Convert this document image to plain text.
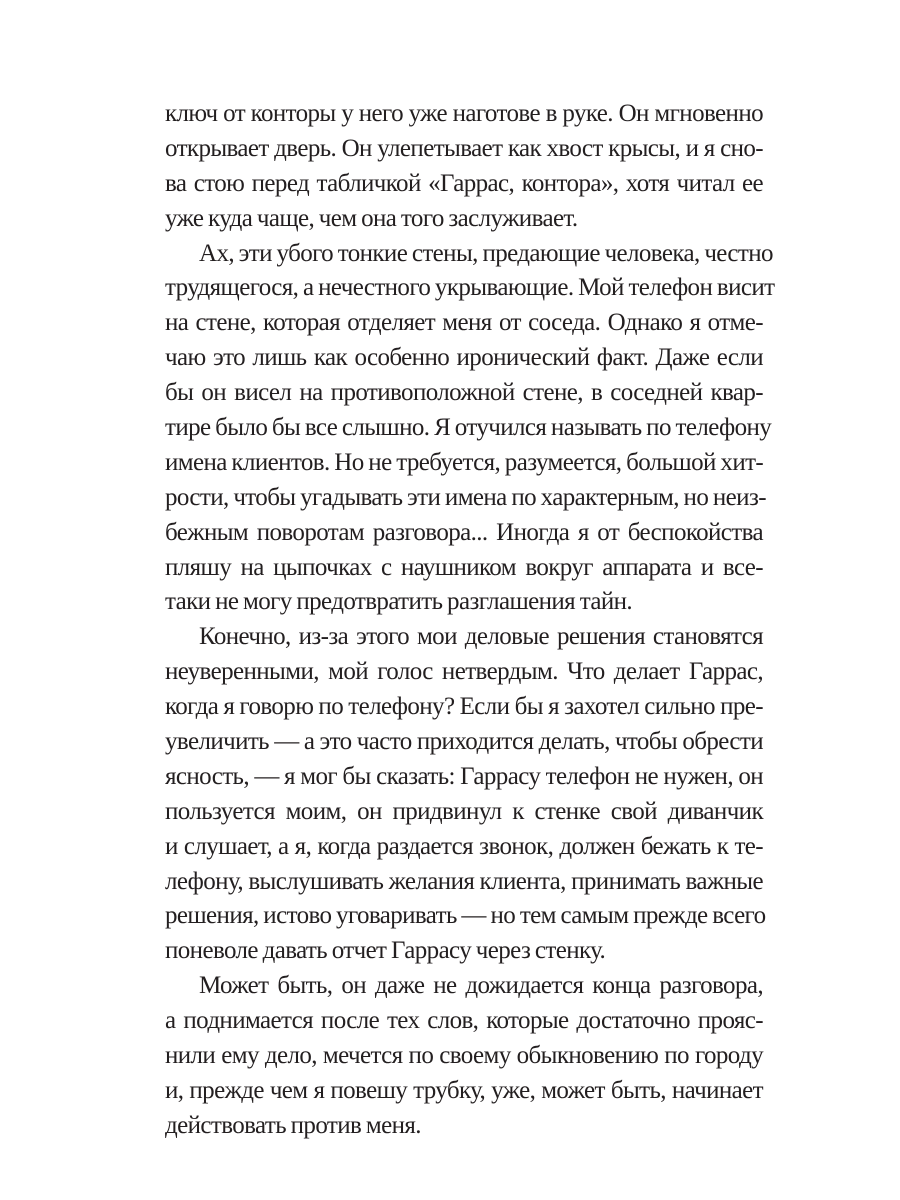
ключ от конторы у него уже наготове в руке. Он мгновенно
открывает дверь. Он улепетывает как хвост крысы, и я сно-
ва стою перед табличкой «Гаррас, контора», хотя читал ее
уже куда чаще, чем она того заслуживает.
Ах, эти убого тонкие стены, предающие человека, честно
трудящегося, а нечестного укрывающие. Мой телефон висит
на стене, которая отделяет меня от соседа. Однако я отме-
чаю это лишь как особенно иронический факт. Даже если
бы он висел на противоположной стене, в соседней квар-
тире было бы все слышно. Я отучился называть по телефону
имена клиентов. Но не требуется, разумеется, большой хит-
рости, чтобы угадывать эти имена по характерным, но неиз-
бежным поворотам разговора... Иногда я от беспокойства
пляшу на цыпочках с наушником вокруг аппарата и все-
таки не могу предотвратить разглашения тайн.
Конечно, из-за этого мои деловые решения становятся
неуверенными, мой голос нетвердым. Что делает Гаррас,
когда я говорю по телефону? Если бы я захотел сильно пре-
увеличить — а это часто приходится делать, чтобы обрести
ясность, — я мог бы сказать: Гаррасу телефон не нужен, он
пользуется моим, он придвинул к стенке свой диванчик
и слушает, а я, когда раздается звонок, должен бежать к те-
лефону, выслушивать желания клиента, принимать важные
решения, истово уговаривать — но тем самым прежде всего
поневоле давать отчет Гаррасу через стенку.
Может быть, он даже не дожидается конца разговора,
а поднимается после тех слов, которые достаточно прояс-
нили ему дело, мечется по своему обыкновению по городу
и, прежде чем я повешу трубку, уже, может быть, начинает
действовать против меня.
